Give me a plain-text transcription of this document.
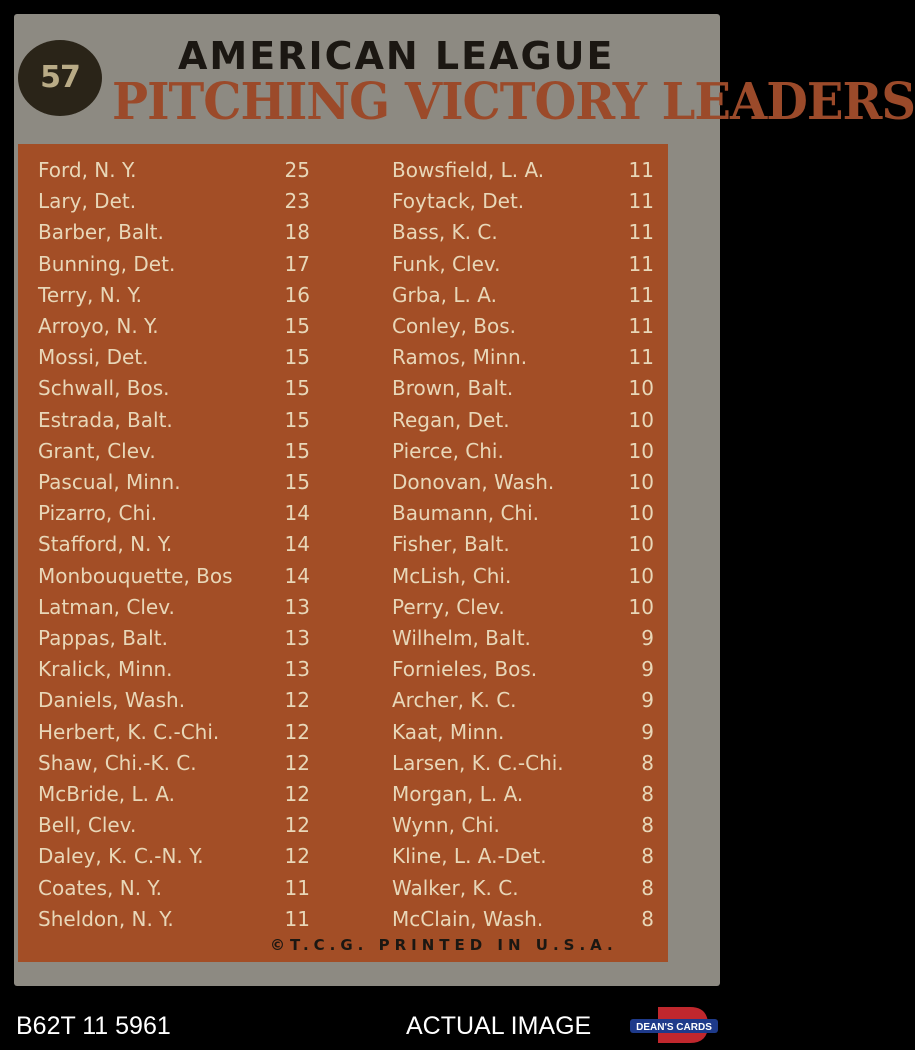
57	AMERICAN LEAGUE
PITCHING VICTORY LEADERS
Ford, N. Y.	25
Lary, Det.	23
Barber, Balt.	18
Bunning, Det.	17
Terry, N. Y.	16
Arroyo, N. Y.	15
Mossi, Det.	15
Schwall, Bos.	15
Estrada, Balt.	15
Grant, Clev.	15
Pascual, Minn.	15
Pizarro, Chi.	14
Stafford, N. Y.	14
Monbouquette, Bos	14
Latman, Clev.	13
Pappas, Balt.	13
Kralick, Minn.	13
Daniels, Wash.	12
Herbert, K. C.-Chi.	12
Shaw, Chi.-K. C.	12
McBride, L. A.	12
Bell, Clev.	12
Daley, K. C.-N. Y.	12
Coates, N. Y.	11
Sheldon, N. Y.	11
Bowsfield, L. A.	11
Foytack, Det.	11
Bass, K. C.	11
Funk, Clev.	11
Grba, L. A.	11
Conley, Bos.	11
Ramos, Minn.	11
Brown, Balt.	10
Regan, Det.	10
Pierce, Chi.	10
Donovan, Wash.	10
Baumann, Chi.	10
Fisher, Balt.	10
McLish, Chi.	10
Perry, Clev.	10
Wilhelm, Balt.	9
Fornieles, Bos.	9
Archer, K. C.	9
Kaat, Minn.	9
Larsen, K. C.-Chi.	8
Morgan, L. A.	8
Wynn, Chi.	8
Kline, L. A.-Det.	8
Walker, K. C.	8
McClain, Wash.	8
©T.C.G. PRINTED IN U.S.A.
B62T 11 5961	ACTUAL IMAGE	DEAN'S CARDS
